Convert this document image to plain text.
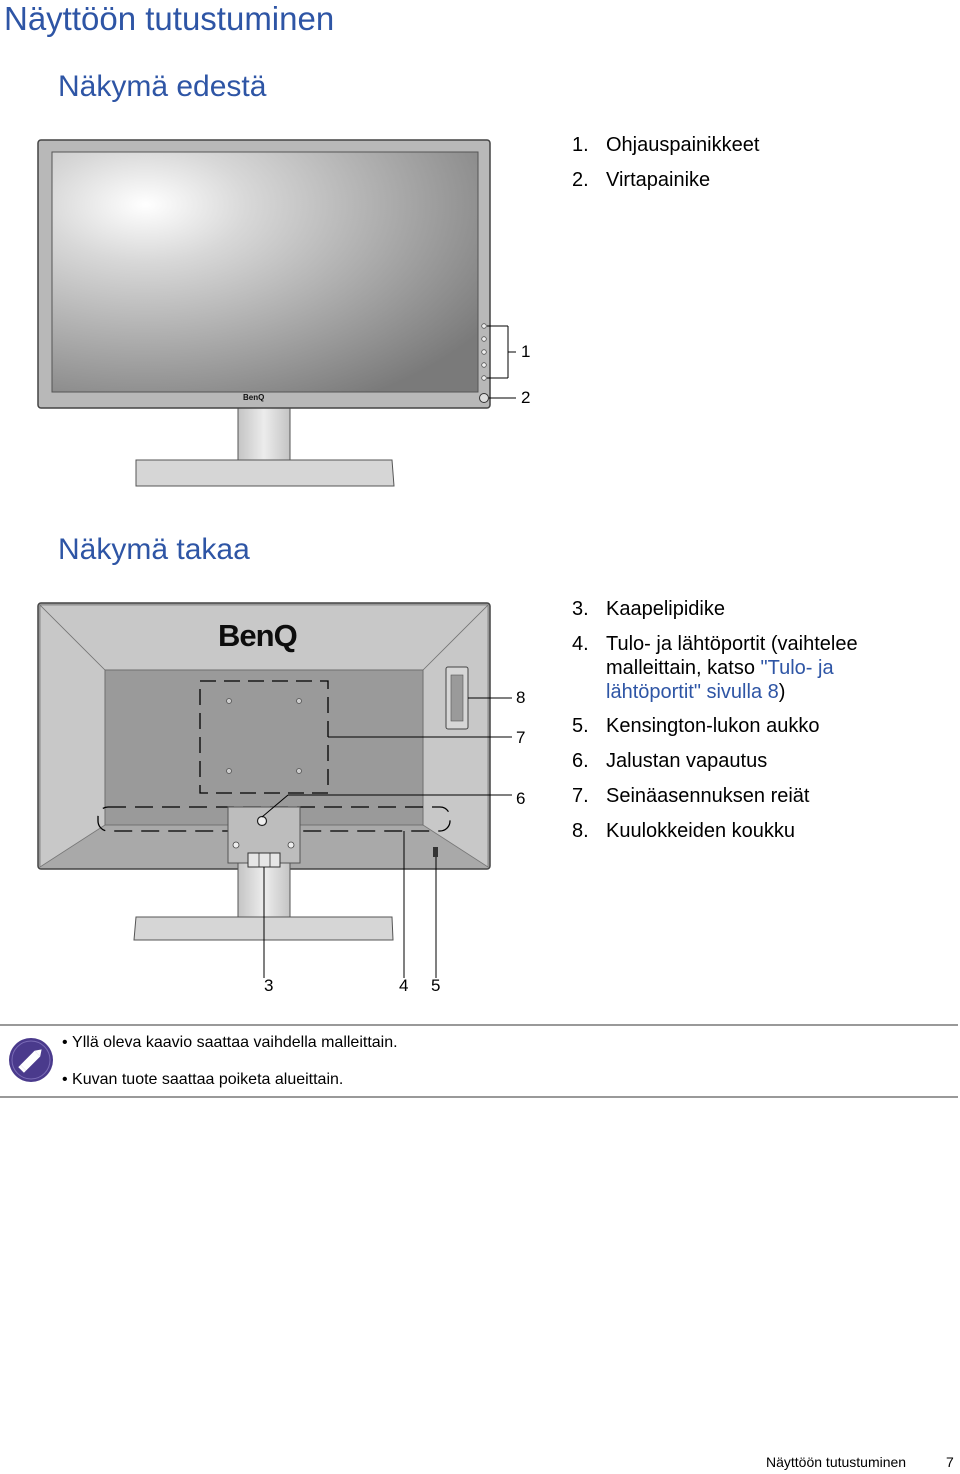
Näyttöön tutustuminen
Näkymä edestä
1. Ohjauspainikkeet
2. Virtapainike
BenQ
1
2
Näkymä takaa
3. Kaapelipidike
4. Tulo- ja lähtöportit (vaihtelee
malleittain, katso "Tulo- ja
lähtöportit" sivulla 8)
5. Kensington-lukon aukko
6. Jalustan vapautus
7. Seinäasennuksen reiät
8. Kuulokkeiden koukku
BenQ
8
7
6
3	4 5
• Yllä oleva kaavio saattaa vaihdella malleittain.
• Kuvan tuote saattaa poiketa alueittain.
Näyttöön tutustuminen	7
